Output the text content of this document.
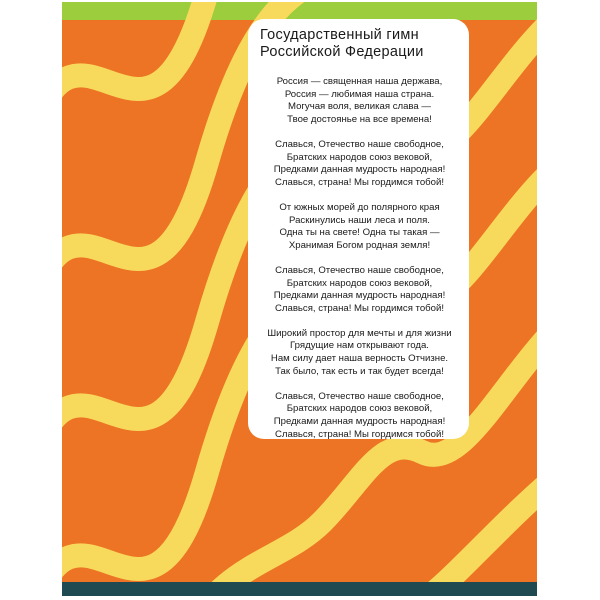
Государственный гимн
Российской Федерации
Россия — священная наша держава,
Россия — любимая наша страна.
Могучая воля, великая слава —
Твое достоянье на все времена!
Славься, Отечество наше свободное,
Братских народов союз вековой,
Предками данная мудрость народная!
Славься, страна! Мы гордимся тобой!
От южных морей до полярного края
Раскинулись наши леса и поля.
Одна ты на свете! Одна ты такая —
Хранимая Богом родная земля!
Славься, Отечество наше свободное,
Братских народов союз вековой,
Предками данная мудрость народная!
Славься, страна! Мы гордимся тобой!
Широкий простор для мечты и для жизни
Грядущие нам открывают года.
Нам силу дает наша верность Отчизне.
Так было, так есть и так будет всегда!
Славься, Отечество наше свободное,
Братских народов союз вековой,
Предками данная мудрость народная!
Славься, страна! Мы гордимся тобой!
